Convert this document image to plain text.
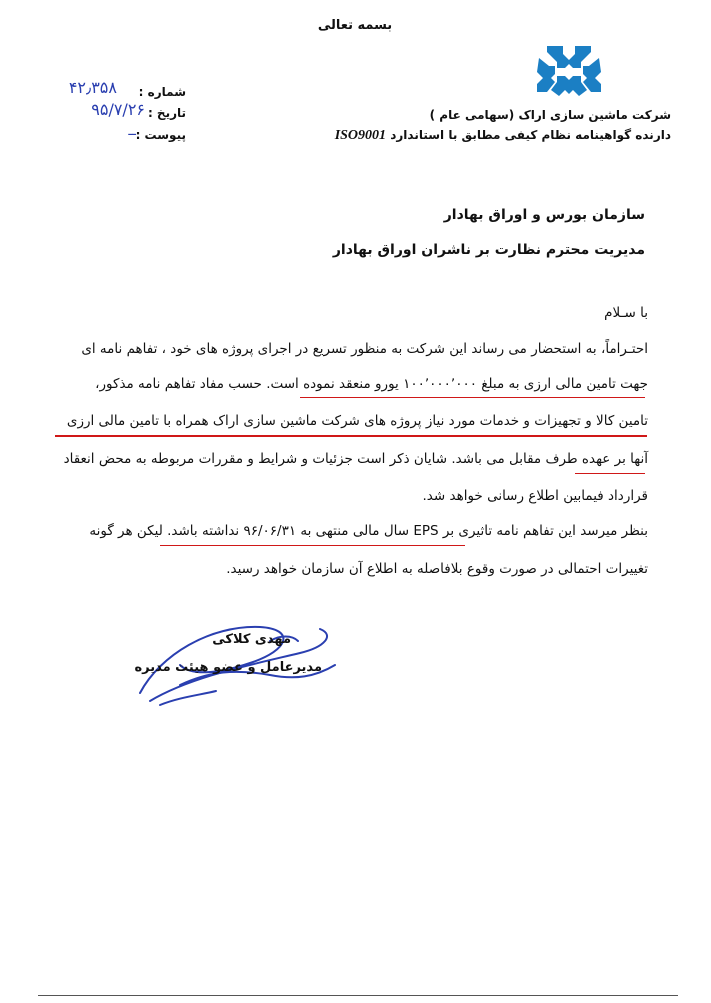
بسمه تعالی
شرکت ماشین سازی اراک (سهامی عام )
دارنده گواهینامه نظام کیفی مطابق با استاندارد ISO9001
شماره :
۴۲٫۳۵۸
تاریخ :
۹۵/۷/۲۶
پیوست :
ــ
سازمان بورس و اوراق بهادار
مدیریت محترم نظارت بر ناشران اوراق بهادار
با سـلام
احتـراماً، به استحضار می رساند این شرکت به منظور تسریع در اجرای پروژه های خود ، تفاهم نامه ای
جهت تامین مالی ارزی به مبلغ ۱۰۰٬۰۰۰٬۰۰۰ یورو منعقد نموده است. حسب مفاد تفاهم نامه مذکور،
تامین کالا و تجهیزات و خدمات مورد نیاز پروژه های شرکت ماشین سازی اراک همراه با تامین مالی ارزی
آنها بر عهده طرف مقابل می باشد. شایان ذکر است جزئیات و شرایط و مقررات مربوطه به محض انعقاد
قرارداد فیمابین اطلاع رسانی خواهد شد.
بنظر میرسد این تفاهم نامه تاثیری بر EPS سال مالی منتهی به ۹۶/۰۶/۳۱ نداشته باشد. لیکن هر گونه
تغییرات احتمالی در صورت وقوع بلافاصله به اطلاع آن سازمان خواهد رسید.
مهدی کلاکی
مدیرعامل و عضو هیئت مدیره
